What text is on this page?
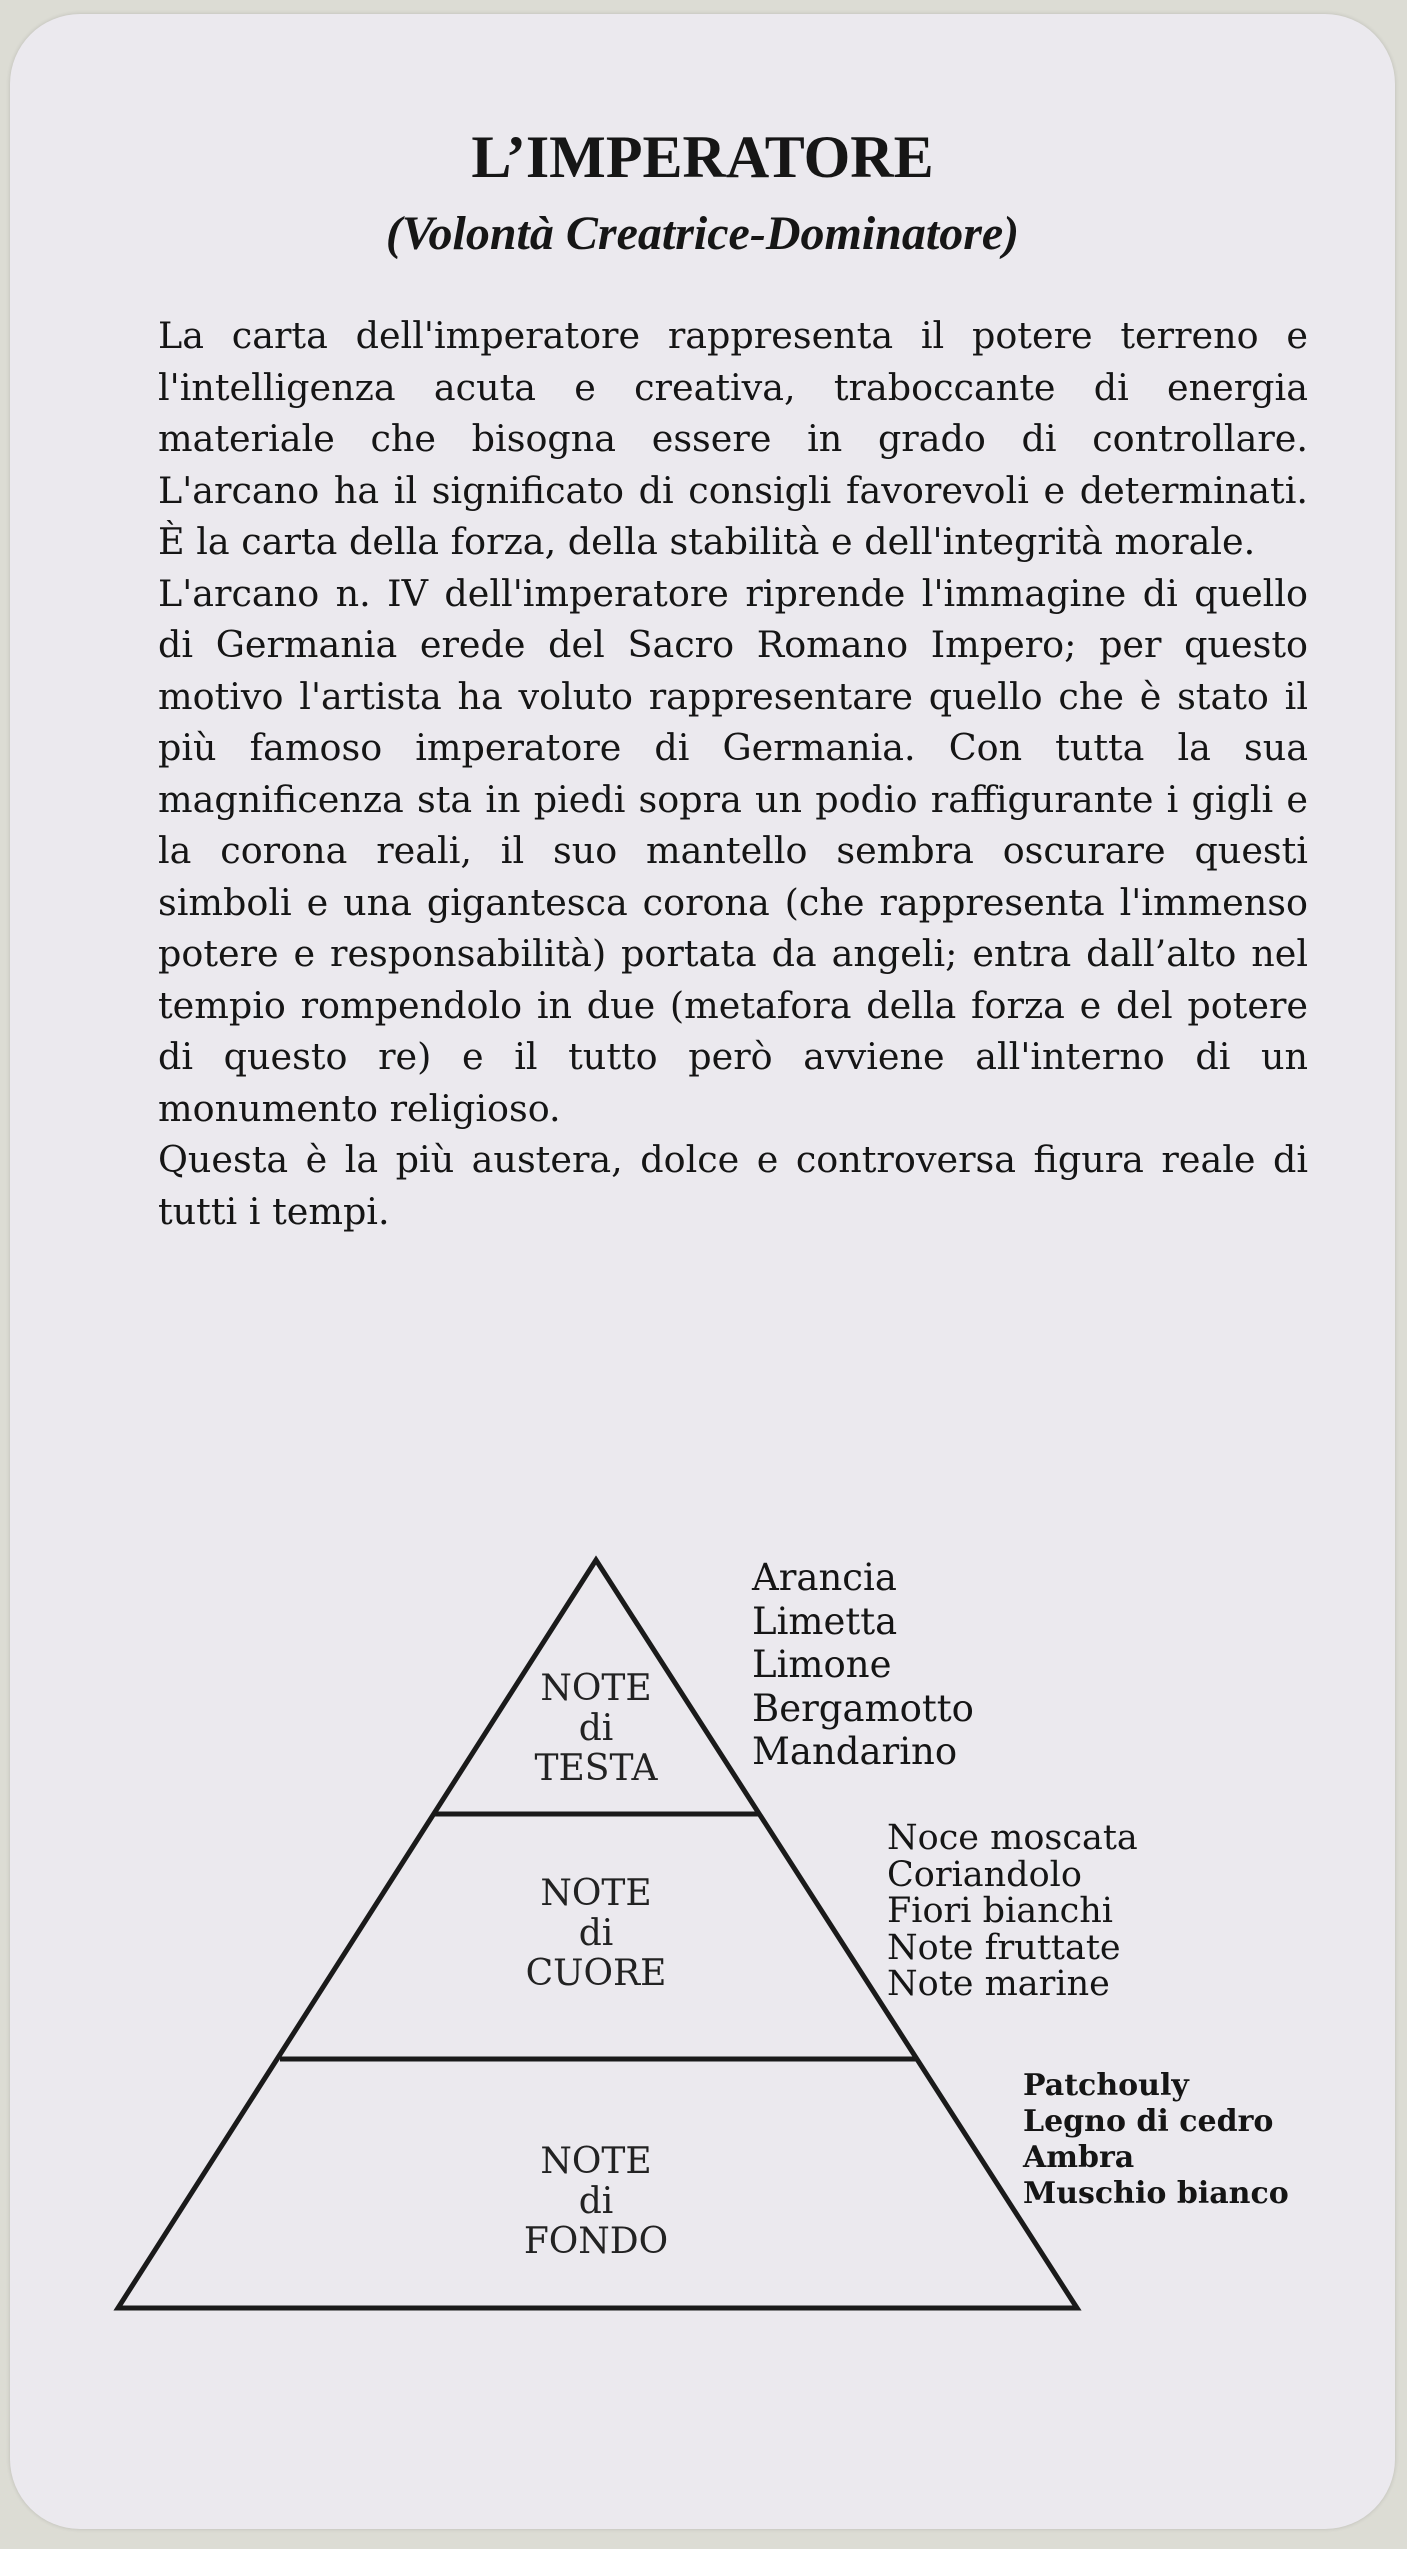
L’IMPERATORE
(Volontà Creatrice-Dominatore)

La carta dell'imperatore rappresenta il potere terreno e l'intelligenza acuta e creativa, traboccante di energia materiale che bisogna essere in grado di controllare. L'arcano ha il significato di consigli favorevoli e determinati. È la carta della forza, della stabilità e dell'integrità morale.

L'arcano n. IV dell'imperatore riprende l'immagine di quello di Germania erede del Sacro Romano Impero; per questo motivo l'artista ha voluto rappresentare quello che è stato il più famoso imperatore di Germania. Con tutta la sua magnificenza sta in piedi sopra un podio raffigurante i gigli e la corona reali, il suo mantello sembra oscurare questi simboli e una gigantesca corona (che rappresenta l'immenso potere e responsabilità) portata da angeli; entra dall’alto nel tempio rompendolo in due (metafora della forza e del potere di questo re) e il tutto però avviene all'interno di un monumento religioso.

Questa è la più austera, dolce e controversa figura reale di tutti i tempi.

NOTE
di
TESTA
NOTE
di
CUORE
NOTE
di
FONDO
Arancia
Limetta
Limone
Bergamotto
Mandarino
Noce moscata
Coriandolo
Fiori bianchi
Note fruttate
Note marine
Patchouly
Legno di cedro
Ambra
Muschio bianco
